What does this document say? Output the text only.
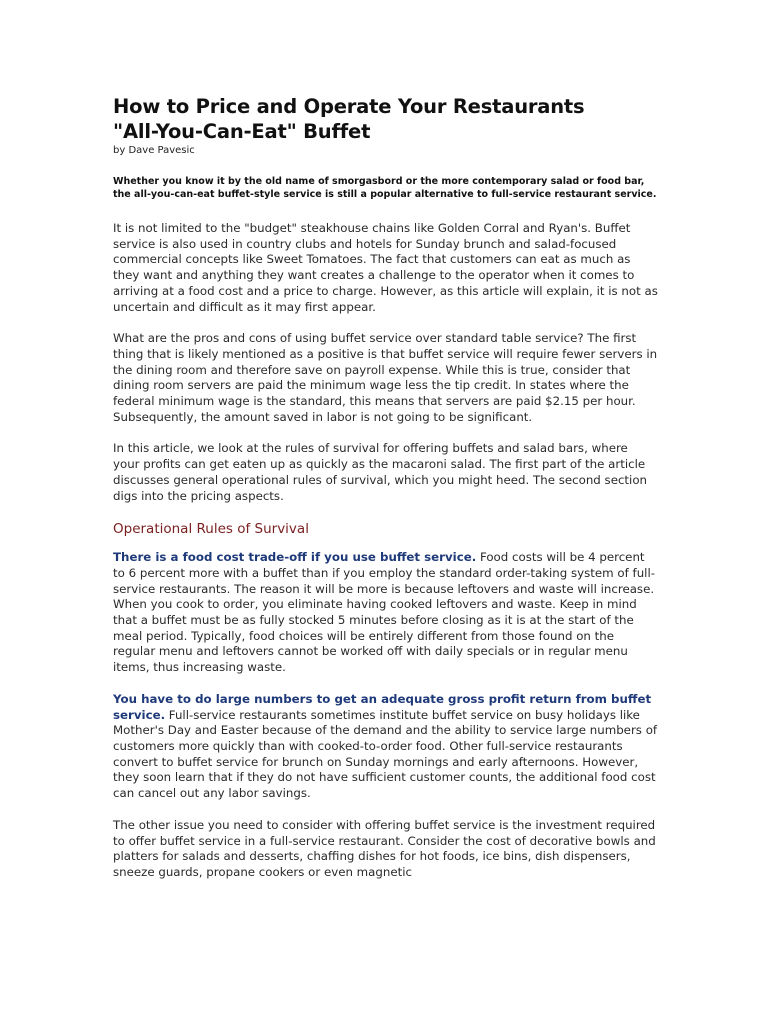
How to Price and Operate Your Restaurants
"All-You-Can-Eat" Buffet

by Dave Pavesic

Whether you know it by the old name of smorgasbord or the more contemporary salad or food bar, the all-you-can-eat buffet-style service is still a popular alternative to full-service restaurant service.

It is not limited to the "budget" steakhouse chains like Golden Corral and Ryan's. Buffet service is also used in country clubs and hotels for Sunday brunch and salad-focused commercial concepts like Sweet Tomatoes. The fact that customers can eat as much as they want and anything they want creates a challenge to the operator when it comes to arriving at a food cost and a price to charge. However, as this article will explain, it is not as uncertain and difficult as it may first appear.

What are the pros and cons of using buffet service over standard table service? The first thing that is likely mentioned as a positive is that buffet service will require fewer servers in the dining room and therefore save on payroll expense. While this is true, consider that dining room servers are paid the minimum wage less the tip credit. In states where the federal minimum wage is the standard, this means that servers are paid $2.15 per hour. Subsequently, the amount saved in labor is not going to be significant.

In this article, we look at the rules of survival for offering buffets and salad bars, where your profits can get eaten up as quickly as the macaroni salad. The first part of the article discusses general operational rules of survival, which you might heed. The second section digs into the pricing aspects.

Operational Rules of Survival

There is a food cost trade-off if you use buffet service. Food costs will be 4 percent to 6 percent more with a buffet than if you employ the standard order-taking system of full-service restaurants. The reason it will be more is because leftovers and waste will increase. When you cook to order, you eliminate having cooked leftovers and waste. Keep in mind that a buffet must be as fully stocked 5 minutes before closing as it is at the start of the meal period. Typically, food choices will be entirely different from those found on the regular menu and leftovers cannot be worked off with daily specials or in regular menu items, thus increasing waste.

You have to do large numbers to get an adequate gross profit return from buffet service. Full-service restaurants sometimes institute buffet service on busy holidays like Mother's Day and Easter because of the demand and the ability to service large numbers of customers more quickly than with cooked-to-order food. Other full-service restaurants convert to buffet service for brunch on Sunday mornings and early afternoons. However, they soon learn that if they do not have sufficient customer counts, the additional food cost can cancel out any labor savings.

The other issue you need to consider with offering buffet service is the investment required to offer buffet service in a full-service restaurant. Consider the cost of decorative bowls and platters for salads and desserts, chaffing dishes for hot foods, ice bins, dish dispensers, sneeze guards, propane cookers or even magnetic
